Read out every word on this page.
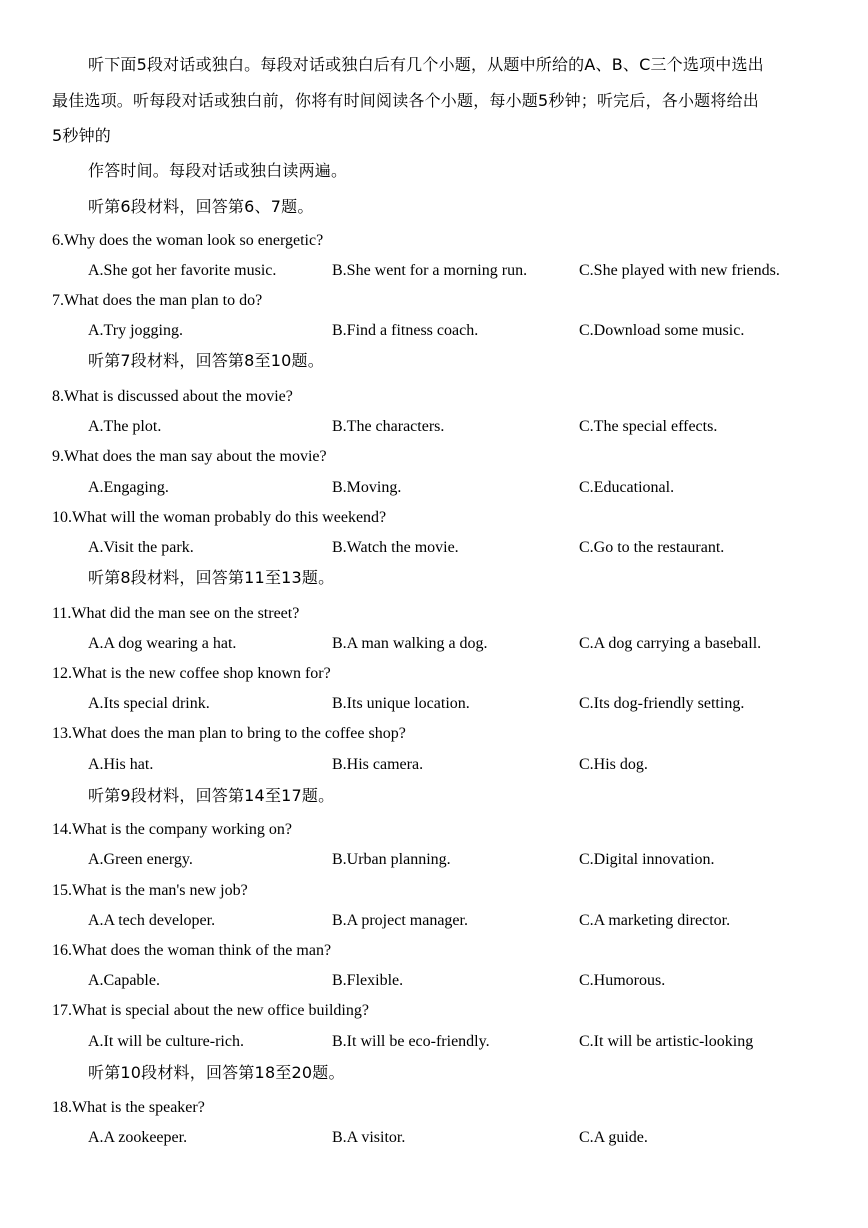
听下面5段对话或独白。每段对话或独白后有几个小题，从题中所给的A、B、C三个选项中选出
最佳选项。听每段对话或独白前，你将有时间阅读各个小题，每小题5秒钟；听完后，各小题将给出
5秒钟的
作答时间。每段对话或独白读两遍。
听第6段材料，回答第6、7题。
6.Why does the woman look so energetic?
A.She got her favorite music.	B.She went for a morning run.	C.She played with new friends.
7.What does the man plan to do?
A.Try jogging.	B.Find a fitness coach.	C.Download some music.
听第7段材料，回答第8至10题。
8.What is discussed about the movie?
A.The plot.	B.The characters.	C.The special effects.
9.What does the man say about the movie?
A.Engaging.	B.Moving.	C.Educational.
10.What will the woman probably do this weekend?
A.Visit the park.	B.Watch the movie.	C.Go to the restaurant.
听第8段材料，回答第11至13题。
11.What did the man see on the street?
A.A dog wearing a hat.	B.A man walking a dog.	C.A dog carrying a baseball.
12.What is the new coffee shop known for?
A.Its special drink.	B.Its unique location.	C.Its dog-friendly setting.
13.What does the man plan to bring to the coffee shop?
A.His hat.	B.His camera.	C.His dog.
听第9段材料，回答第14至17题。
14.What is the company working on?
A.Green energy.	B.Urban planning.	C.Digital innovation.
15.What is the man's new job?
A.A tech developer.	B.A project manager.	C.A marketing director.
16.What does the woman think of the man?
A.Capable.	B.Flexible.	C.Humorous.
17.What is special about the new office building?
A.It will be culture-rich.	B.It will be eco-friendly.	C.It will be artistic-looking
听第10段材料，回答第18至20题。
18.What is the speaker?
A.A zookeeper.	B.A visitor.	C.A guide.
